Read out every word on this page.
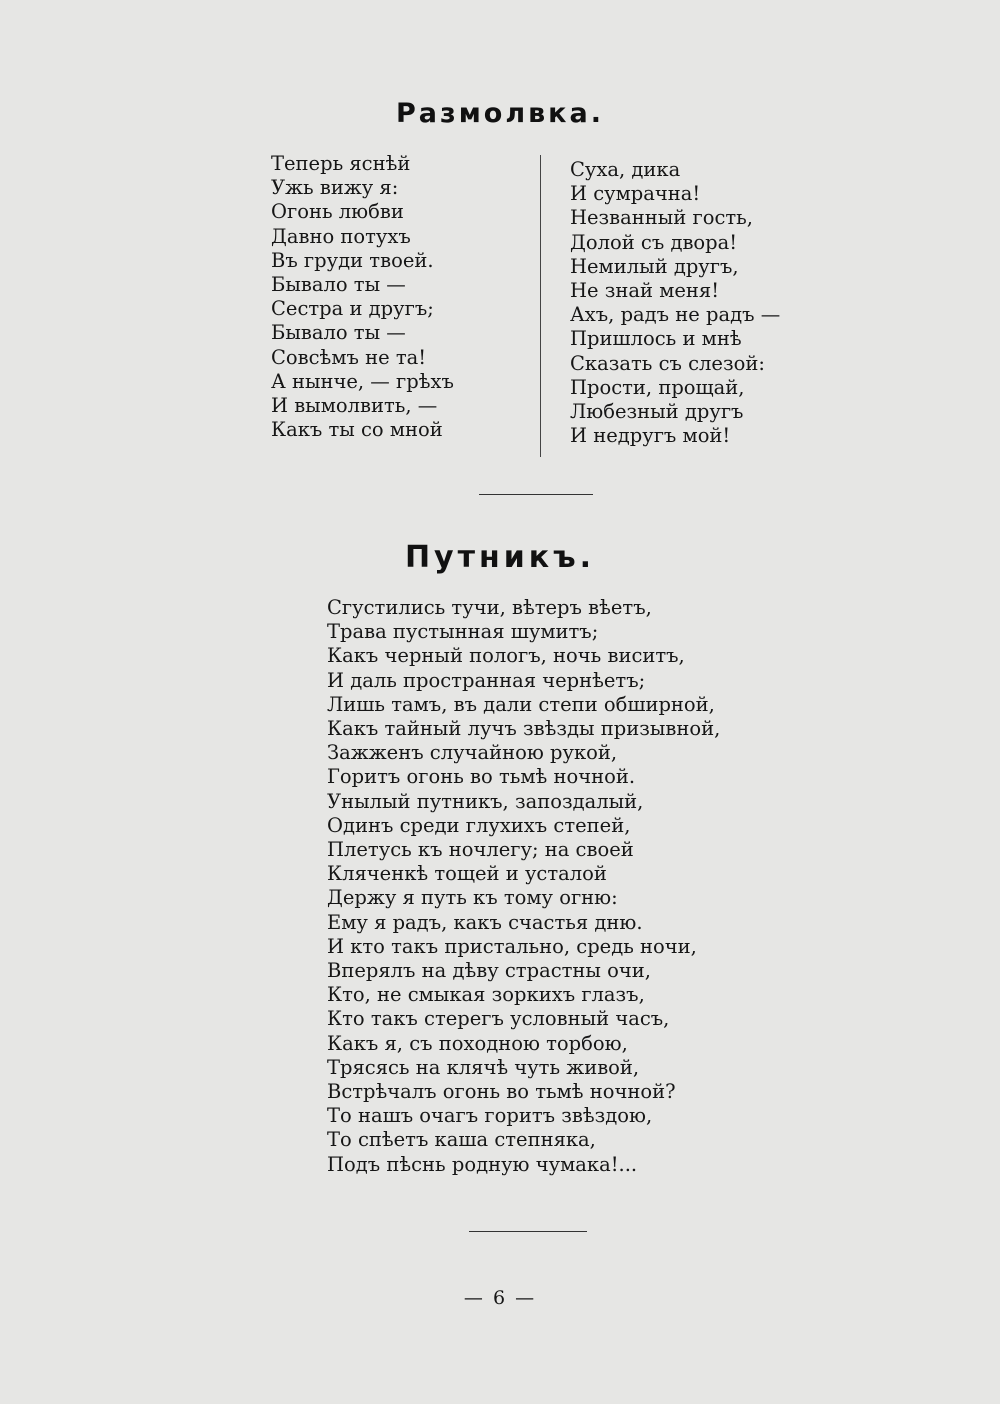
Размолвка.
Теперь яснѣй
Ужь вижу я:
Огонь любви
Давно потухъ
Въ груди твоей.
Бывало ты —
Сестра и другъ;
Бывало ты —
Совсѣмъ не та!
А нынче, — грѣхъ
И вымолвить, —
Какъ ты со мной
Суха, дика
И сумрачна!
Незванный гость,
Долой съ двора!
Немилый другъ,
Не знай меня!
Ахъ, радъ не радъ —
Пришлось и мнѣ
Сказать съ слезой:
Прости, прощай,
Любезный другъ
И недругъ мой!
Путникъ.
Сгустились тучи, вѣтеръ вѣетъ,
Трава пустынная шумитъ;
Какъ черный пологъ, ночь виситъ,
И даль пространная чернѣетъ;
Лишь тамъ, въ дали степи обширной,
Какъ тайный лучъ звѣзды призывной,
Зажженъ случайною рукой,
Горитъ огонь во тьмѣ ночной.
Унылый путникъ, запоздалый,
Одинъ среди глухихъ степей,
Плетусь къ ночлегу; на своей
Кляченкѣ тощей и усталой
Держу я путь къ тому огню:
Ему я радъ, какъ счастья дню.
И кто такъ пристально, средь ночи,
Вперялъ на дѣву страстны очи,
Кто, не смыкая зоркихъ глазъ,
Кто такъ стерегъ условный часъ,
Какъ я, съ походною торбою,
Трясясь на клячѣ чуть живой,
Встрѣчалъ огонь во тьмѣ ночной?
То нашъ очагъ горитъ звѣздою,
То спѣетъ каша степняка,
Подъ пѣснь родную чумака!...
— 6 —
